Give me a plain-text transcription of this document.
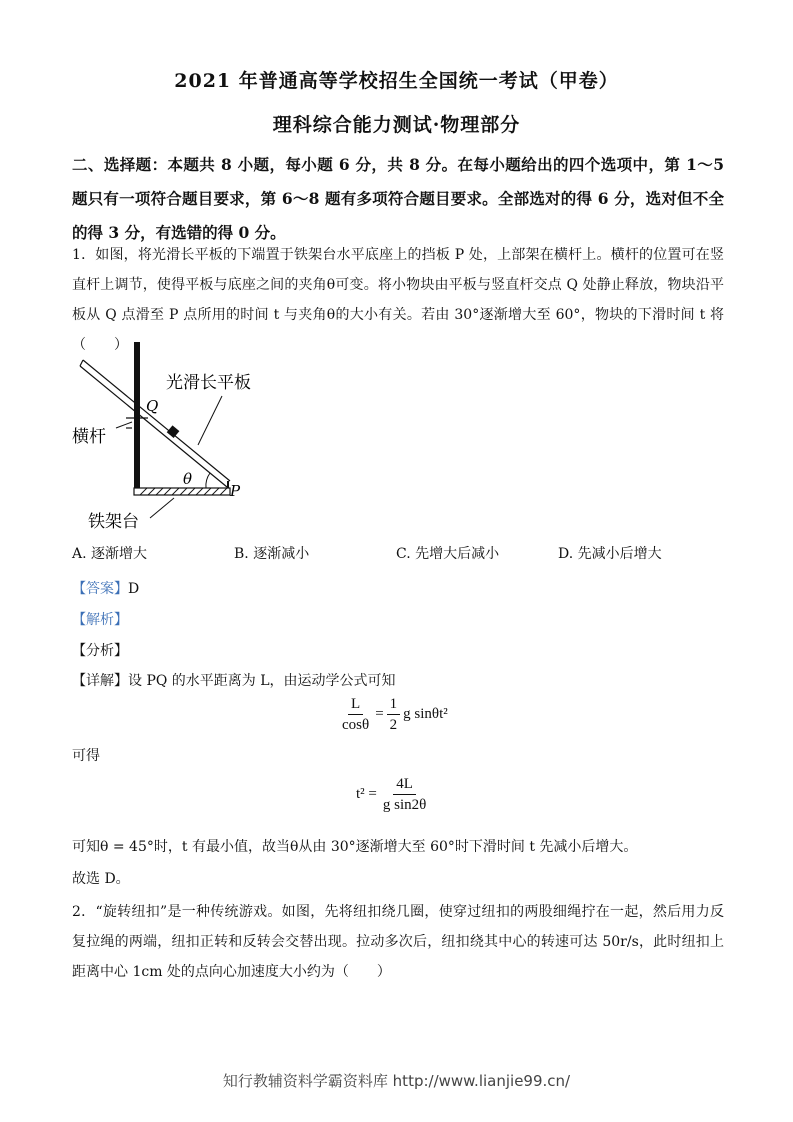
2021 年普通高等学校招生全国统一考试（甲卷）
理科综合能力测试·物理部分
二、选择题：本题共 8 小题，每小题 6 分，共 8 分。在每小题给出的四个选项中，第 1～5 题只有一项符合题目要求，第 6～8 题有多项符合题目要求。全部选对的得 6 分，选对但不全的得 3 分，有选错的得 0 分。
1．如图，将光滑长平板的下端置于铁架台水平底座上的挡板 P 处，上部架在横杆上。横杆的位置可在竖直杆上调节，使得平板与底座之间的夹角θ可变。将小物块由平板与竖直杆交点 Q 处静止释放，物块沿平板从 Q 点滑至 P 点所用的时间 t 与夹角θ的大小有关。若由 30°逐渐增大至 60°，物块的下滑时间 t 将（　　）
光滑长平板
Q
横杆
θ
P
铁架台
A. 逐渐增大	B. 逐渐减小	C. 先增大后减小	D. 先减小后增大
【答案】D
【解析】
【分析】
【详解】设 PQ 的水平距离为 L，由运动学公式可知
$\frac{L}{\cos\theta} = \frac{1}{2}$ g sinθt²
可得
$t^2 = \frac{4L}{\text{g sin2θ}}$
可知θ = 45°时，t 有最小值，故当θ从由 30°逐渐增大至 60°时下滑时间 t 先减小后增大。
故选 D。
2．“旋转纽扣”是一种传统游戏。如图，先将纽扣绕几圈，使穿过纽扣的两股细绳拧在一起，然后用力反复拉绳的两端，纽扣正转和反转会交替出现。拉动多次后，纽扣绕其中心的转速可达 50r/s，此时纽扣上距离中心 1cm 处的点向心加速度大小约为（　　）
知行教辅资料学霸资料库 http://www.lianjie99.cn/
